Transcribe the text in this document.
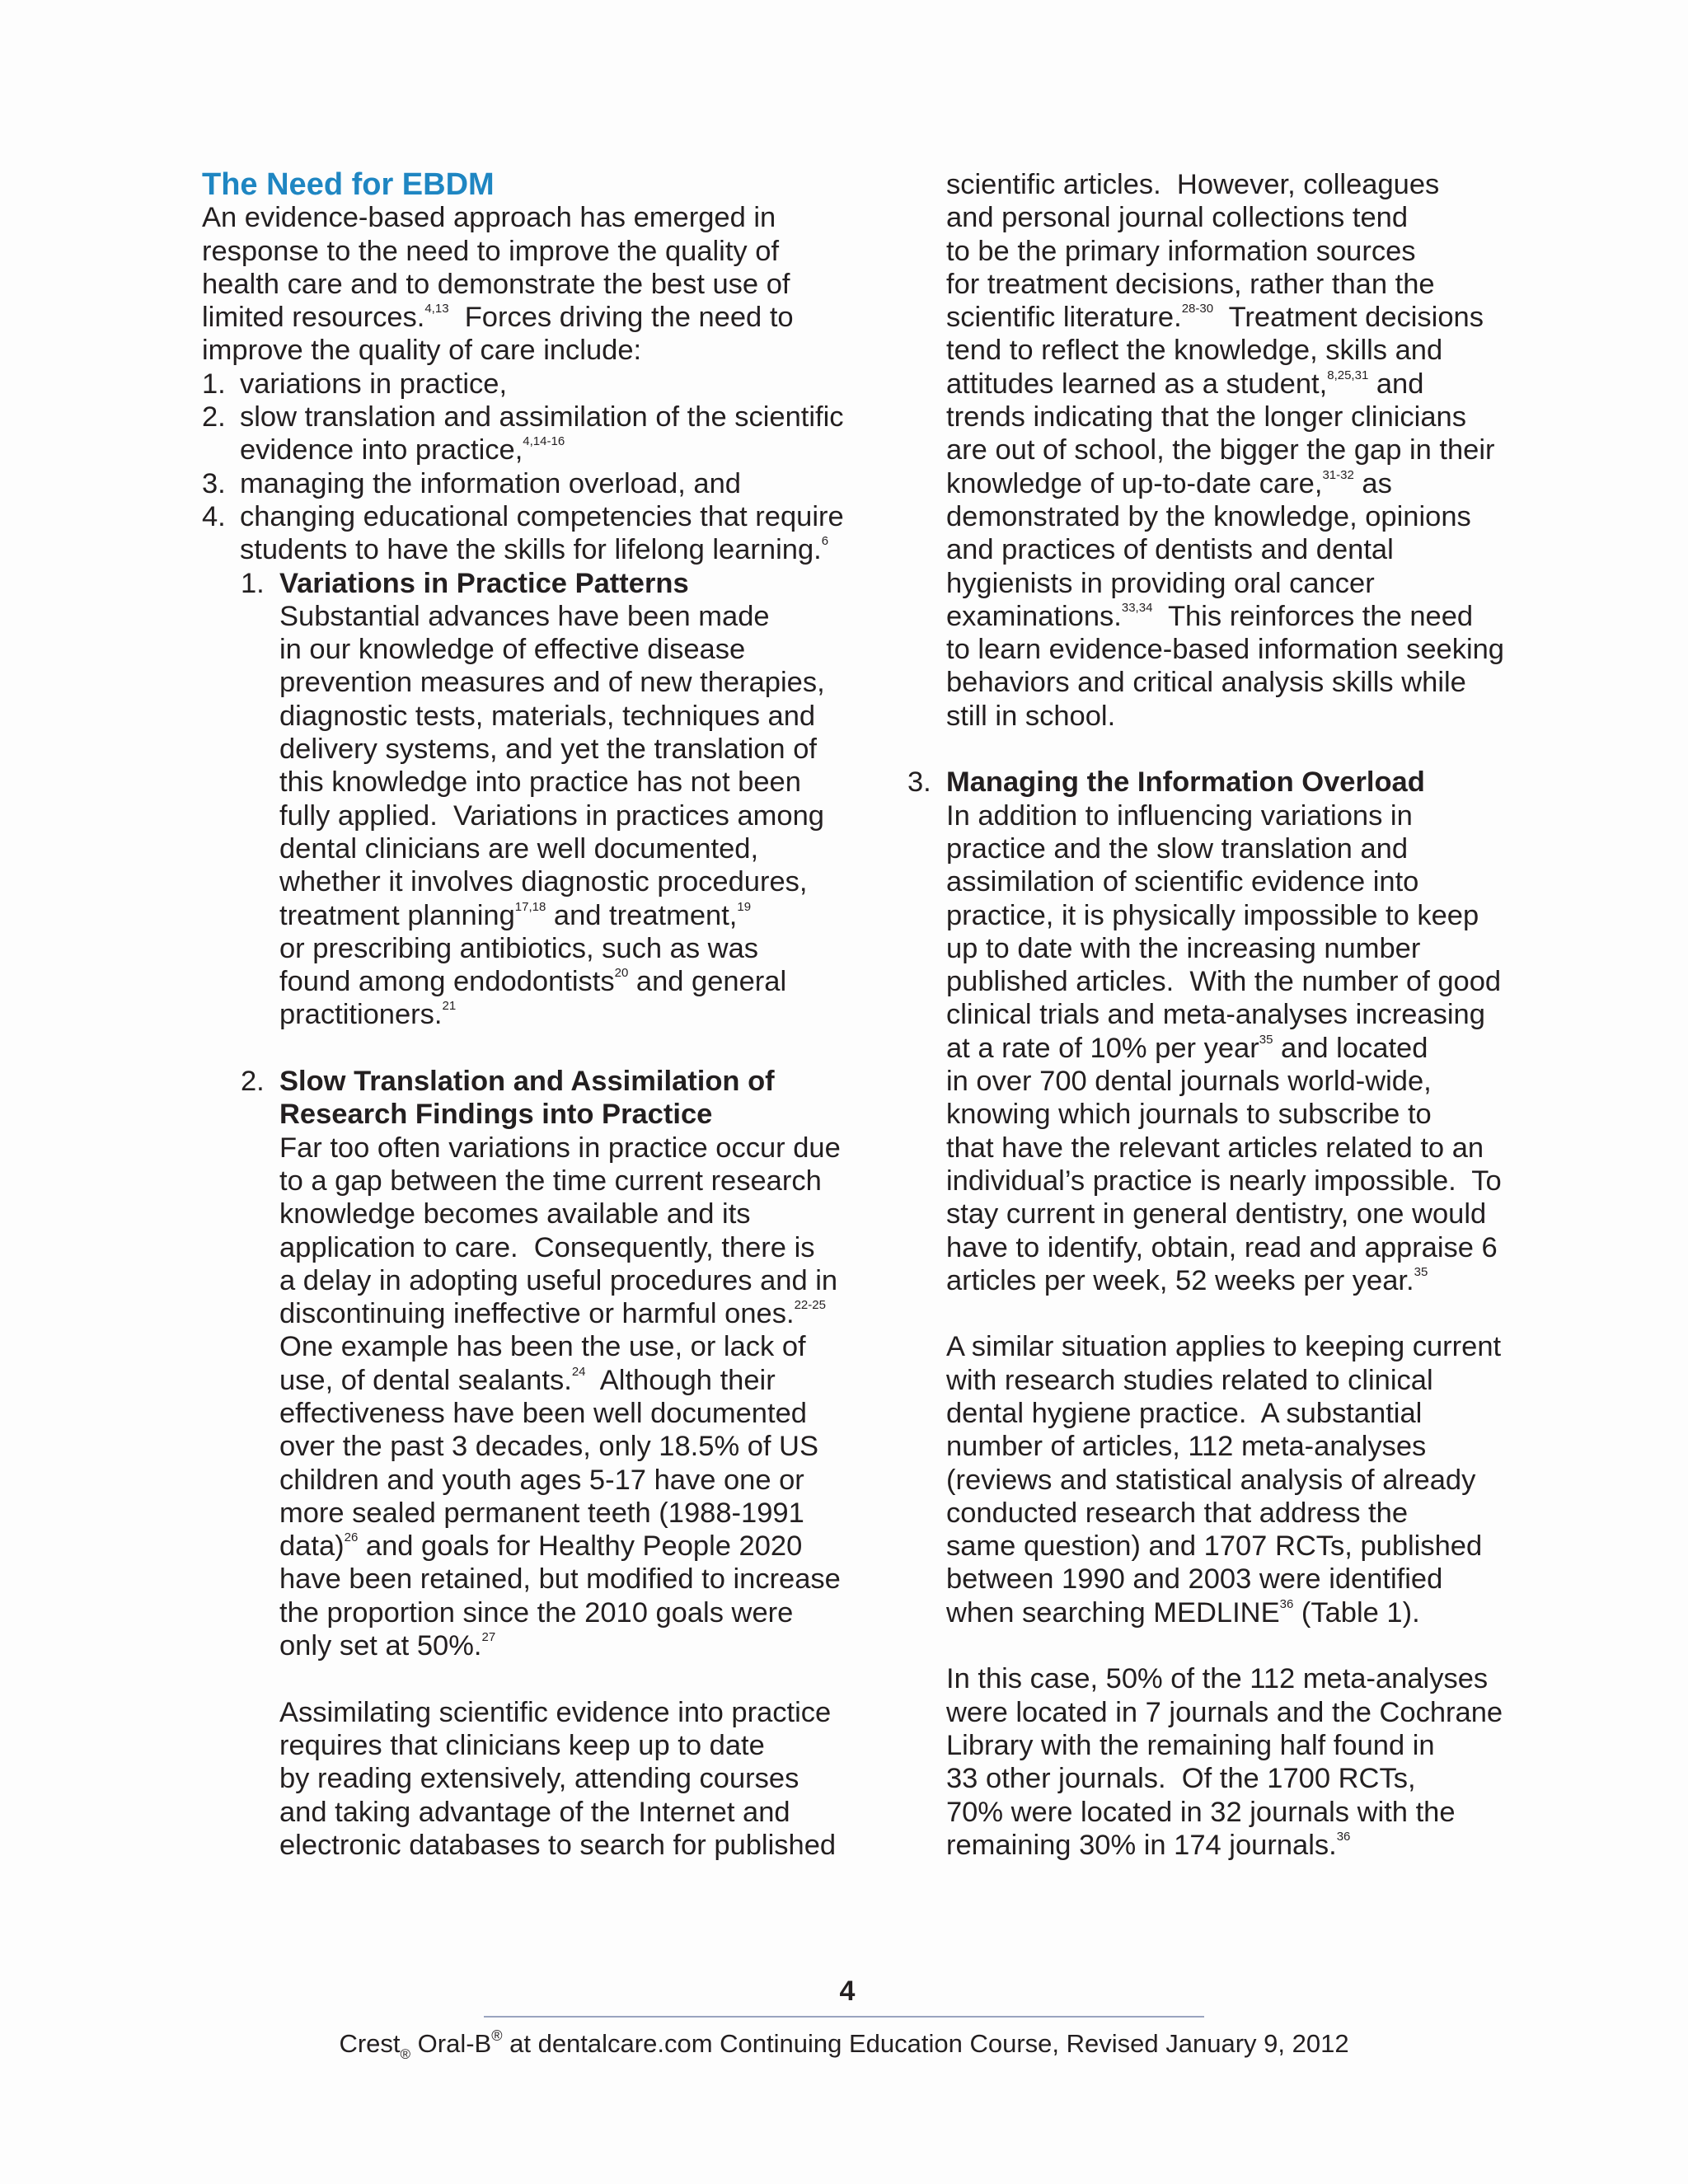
The Need for EBDM
An evidence-based approach has emerged in
response to the need to improve the quality of
health care and to demonstrate the best use of
limited resources.$^{4,13}$  Forces driving the need to
improve the quality of care include:
1. variations in practice,
2. slow translation and assimilation of the scientific
evidence into practice,$^{4,14-16}$
3. managing the information overload, and
4. changing educational competencies that require
students to have the skills for lifelong learning.$^6$
1. Variations in Practice Patterns
Substantial advances have been made
in our knowledge of effective disease
prevention measures and of new therapies,
diagnostic tests, materials, techniques and
delivery systems, and yet the translation of
this knowledge into practice has not been
fully applied.  Variations in practices among
dental clinicians are well documented,
whether it involves diagnostic procedures,
treatment planning$^{17,18}$ and treatment,$^{19}$
or prescribing antibiotics, such as was
found among endodontists$^{20}$ and general
practitioners.$^{21}$
2. Slow Translation and Assimilation of
Research Findings into Practice
Far too often variations in practice occur due
to a gap between the time current research
knowledge becomes available and its
application to care.  Consequently, there is
a delay in adopting useful procedures and in
discontinuing ineffective or harmful ones.$^{22-25}$
One example has been the use, or lack of
use, of dental sealants.$^{24}$  Although their
effectiveness have been well documented
over the past 3 decades, only 18.5% of US
children and youth ages 5-17 have one or
more sealed permanent teeth (1988-1991
data)$^{26}$ and goals for Healthy People 2020
have been retained, but modified to increase
the proportion since the 2010 goals were
only set at 50%.$^{27}$
Assimilating scientific evidence into practice
requires that clinicians keep up to date
by reading extensively, attending courses
and taking advantage of the Internet and
electronic databases to search for published
scientific articles.  However, colleagues
and personal journal collections tend
to be the primary information sources
for treatment decisions, rather than the
scientific literature.$^{28-30}$  Treatment decisions
tend to reflect the knowledge, skills and
attitudes learned as a student,$^{8,25,31}$ and
trends indicating that the longer clinicians
are out of school, the bigger the gap in their
knowledge of up-to-date care,$^{31-32}$ as
demonstrated by the knowledge, opinions
and practices of dentists and dental
hygienists in providing oral cancer
examinations.$^{33,34}$  This reinforces the need
to learn evidence-based information seeking
behaviors and critical analysis skills while
still in school.
3. Managing the Information Overload
In addition to influencing variations in
practice and the slow translation and
assimilation of scientific evidence into
practice, it is physically impossible to keep
up to date with the increasing number
published articles.  With the number of good
clinical trials and meta-analyses increasing
at a rate of 10% per year$^{35}$ and located
in over 700 dental journals world-wide,
knowing which journals to subscribe to
that have the relevant articles related to an
individual’s practice is nearly impossible.  To
stay current in general dentistry, one would
have to identify, obtain, read and appraise 6
articles per week, 52 weeks per year.$^{35}$
A similar situation applies to keeping current
with research studies related to clinical
dental hygiene practice.  A substantial
number of articles, 112 meta-analyses
(reviews and statistical analysis of already
conducted research that address the
same question) and 1707 RCTs, published
between 1990 and 2003 were identified
when searching MEDLINE$^{36}$ (Table 1).
In this case, 50% of the 112 meta-analyses
were located in 7 journals and the Cochrane
Library with the remaining half found in
33 other journals.  Of the 1700 RCTs,
70% were located in 32 journals with the
remaining 30% in 174 journals.$^{36}$
4
Crest$_®$ Oral-B® at dentalcare.com Continuing Education Course, Revised January 9, 2012
